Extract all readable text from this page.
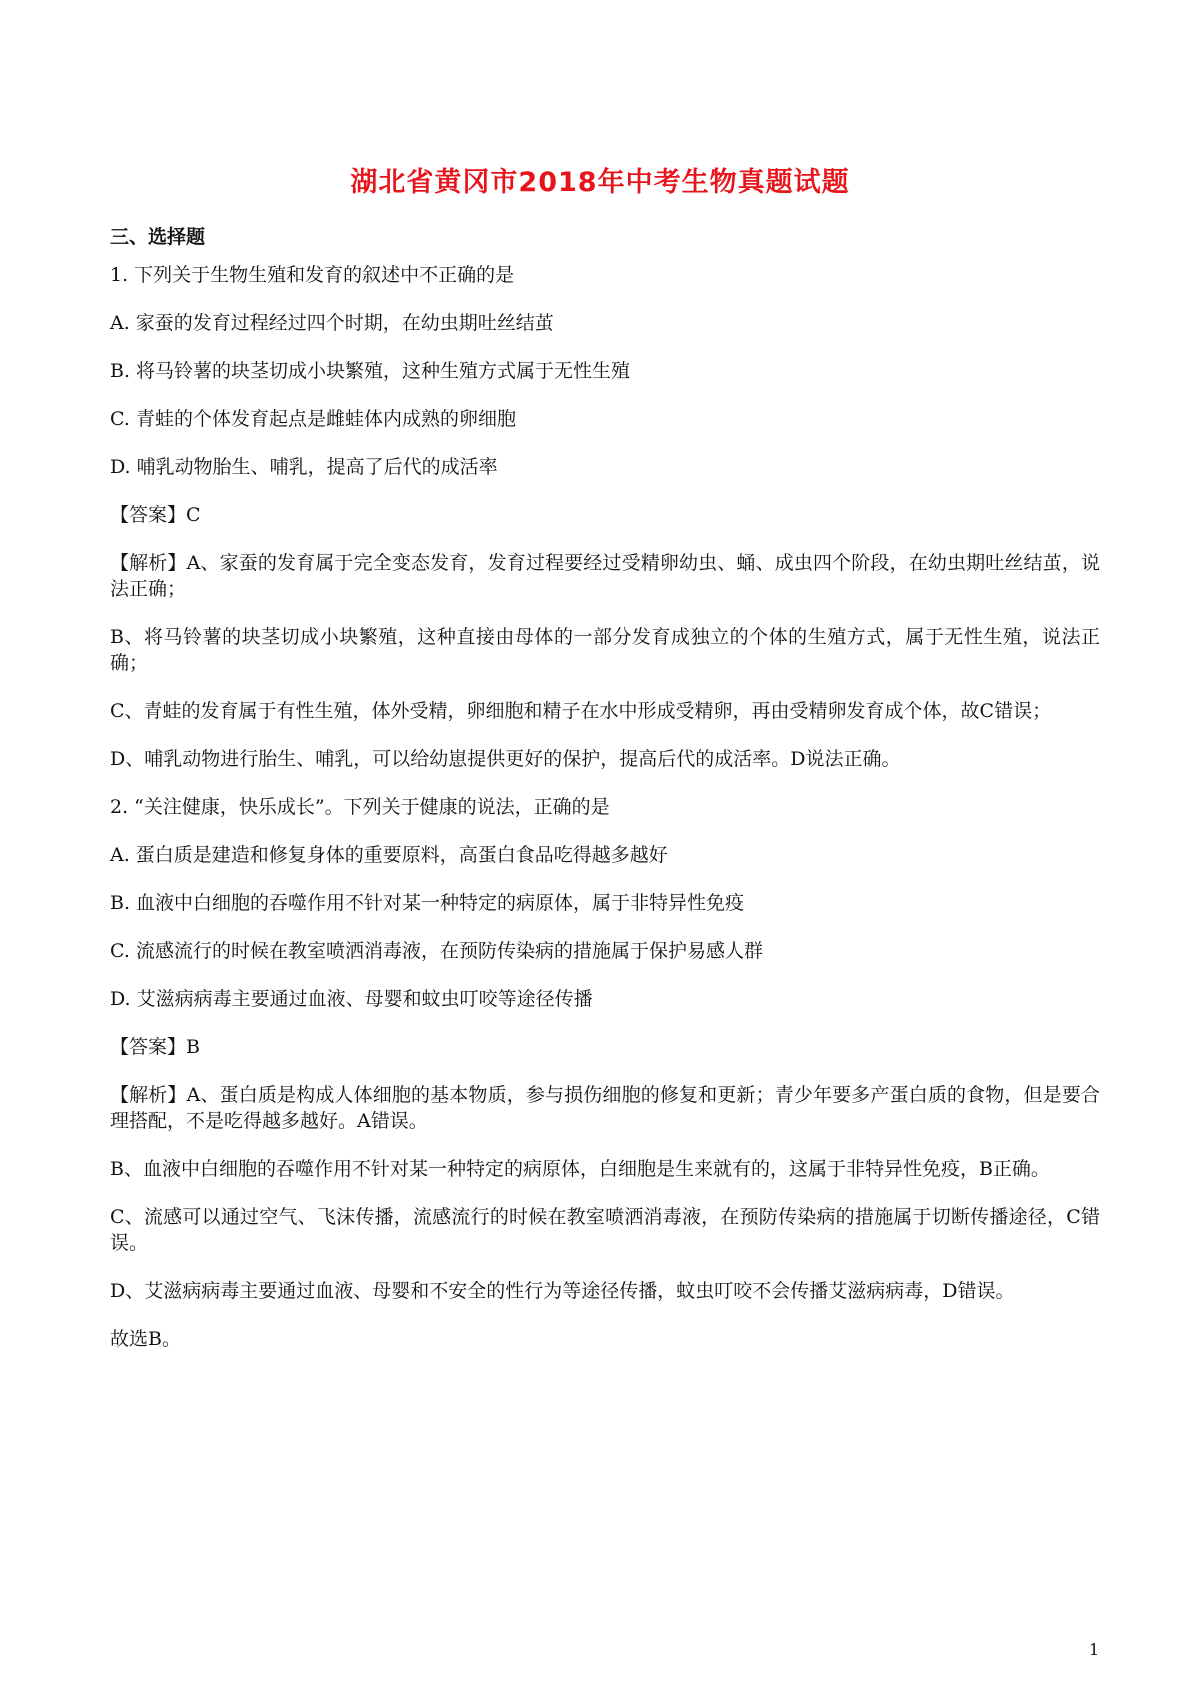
湖北省黄冈市2018年中考生物真题试题
三、选择题

1. 下列关于生物生殖和发育的叙述中不正确的是

A. 家蚕的发育过程经过四个时期，在幼虫期吐丝结茧

B. 将马铃薯的块茎切成小块繁殖，这种生殖方式属于无性生殖

C. 青蛙的个体发育起点是雌蛙体内成熟的卵细胞

D. 哺乳动物胎生、哺乳，提高了后代的成活率

【答案】C

【解析】A、家蚕的发育属于完全变态发育，发育过程要经过受精卵幼虫、蛹、成虫四个阶段，在幼虫期吐丝结茧，说法正确；

B、将马铃薯的块茎切成小块繁殖，这种直接由母体的一部分发育成独立的个体的生殖方式，属于无性生殖，说法正确；

C、青蛙的发育属于有性生殖，体外受精，卵细胞和精子在水中形成受精卵，再由受精卵发育成个体，故C错误；

D、哺乳动物进行胎生、哺乳，可以给幼崽提供更好的保护，提高后代的成活率。D说法正确。

2. “关注健康，快乐成长”。下列关于健康的说法，正确的是

A. 蛋白质是建造和修复身体的重要原料，高蛋白食品吃得越多越好

B. 血液中白细胞的吞噬作用不针对某一种特定的病原体，属于非特异性免疫

C. 流感流行的时候在教室喷洒消毒液，在预防传染病的措施属于保护易感人群

D. 艾滋病病毒主要通过血液、母婴和蚊虫叮咬等途径传播

【答案】B

【解析】A、蛋白质是构成人体细胞的基本物质，参与损伤细胞的修复和更新；青少年要多产蛋白质的食物，但是要合理搭配，不是吃得越多越好。A错误。

B、血液中白细胞的吞噬作用不针对某一种特定的病原体，白细胞是生来就有的，这属于非特异性免疫，B正确。

C、流感可以通过空气、飞沫传播，流感流行的时候在教室喷洒消毒液，在预防传染病的措施属于切断传播途径，C错误。

D、艾滋病病毒主要通过血液、母婴和不安全的性行为等途径传播，蚊虫叮咬不会传播艾滋病病毒，D错误。

故选B。

1
